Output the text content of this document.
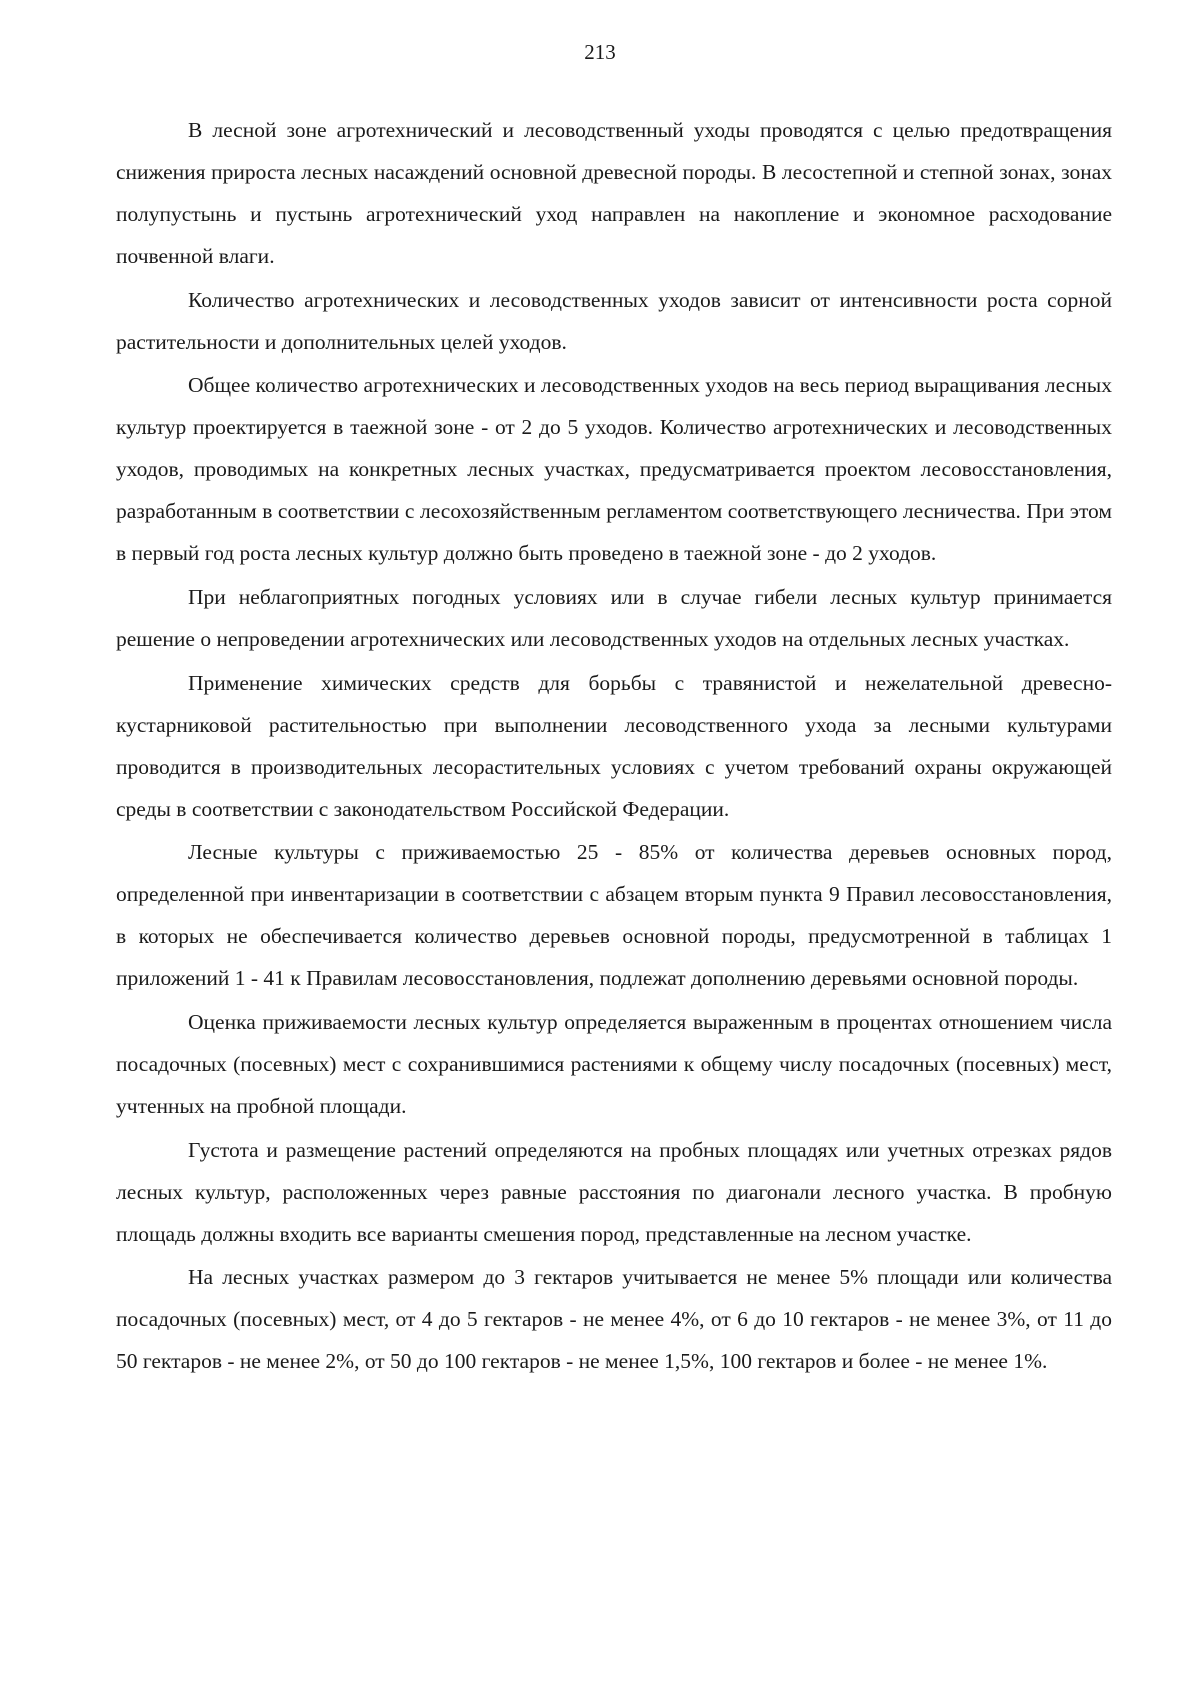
213

В лесной зоне агротехнический и лесоводственный уходы проводятся с целью предотвращения снижения прироста лесных насаждений основной древесной породы. В лесостепной и степной зонах, зонах полупустынь и пустынь агротехнический уход направлен на накопление и экономное расходование почвенной влаги.

Количество агротехнических и лесоводственных уходов зависит от интенсивности роста сорной растительности и дополнительных целей уходов.

Общее количество агротехнических и лесоводственных уходов на весь период выращивания лесных культур проектируется в таежной зоне - от 2 до 5 уходов. Количество агротехнических и лесоводственных уходов, проводимых на конкретных лесных участках, предусматривается проектом лесовосстановления, разработанным в соответствии с лесохозяйственным регламентом соответствующего лесничества. При этом в первый год роста лесных культур должно быть проведено в таежной зоне - до 2 уходов.

При неблагоприятных погодных условиях или в случае гибели лесных культур принимается решение о непроведении агротехнических или лесоводственных уходов на отдельных лесных участках.

Применение химических средств для борьбы с травянистой и нежелательной древесно-кустарниковой растительностью при выполнении лесоводственного ухода за лесными культурами проводится в производительных лесорастительных условиях с учетом требований охраны окружающей среды в соответствии с законодательством Российской Федерации.

Лесные культуры с приживаемостью 25 - 85% от количества деревьев основных пород, определенной при инвентаризации в соответствии с абзацем вторым пункта 9 Правил лесовосстановления, в которых не обеспечивается количество деревьев основной породы, предусмотренной в таблицах 1 приложений 1 - 41 к Правилам лесовосстановления, подлежат дополнению деревьями основной породы.

Оценка приживаемости лесных культур определяется выраженным в процентах отношением числа посадочных (посевных) мест с сохранившимися растениями к общему числу посадочных (посевных) мест, учтенных на пробной площади.

Густота и размещение растений определяются на пробных площадях или учетных отрезках рядов лесных культур, расположенных через равные расстояния по диагонали лесного участка. В пробную площадь должны входить все варианты смешения пород, представленные на лесном участке.

На лесных участках размером до 3 гектаров учитывается не менее 5% площади или количества посадочных (посевных) мест, от 4 до 5 гектаров - не менее 4%, от 6 до 10 гектаров - не менее 3%, от 11 до 50 гектаров - не менее 2%, от 50 до 100 гектаров - не менее 1,5%, 100 гектаров и более - не менее 1%.
